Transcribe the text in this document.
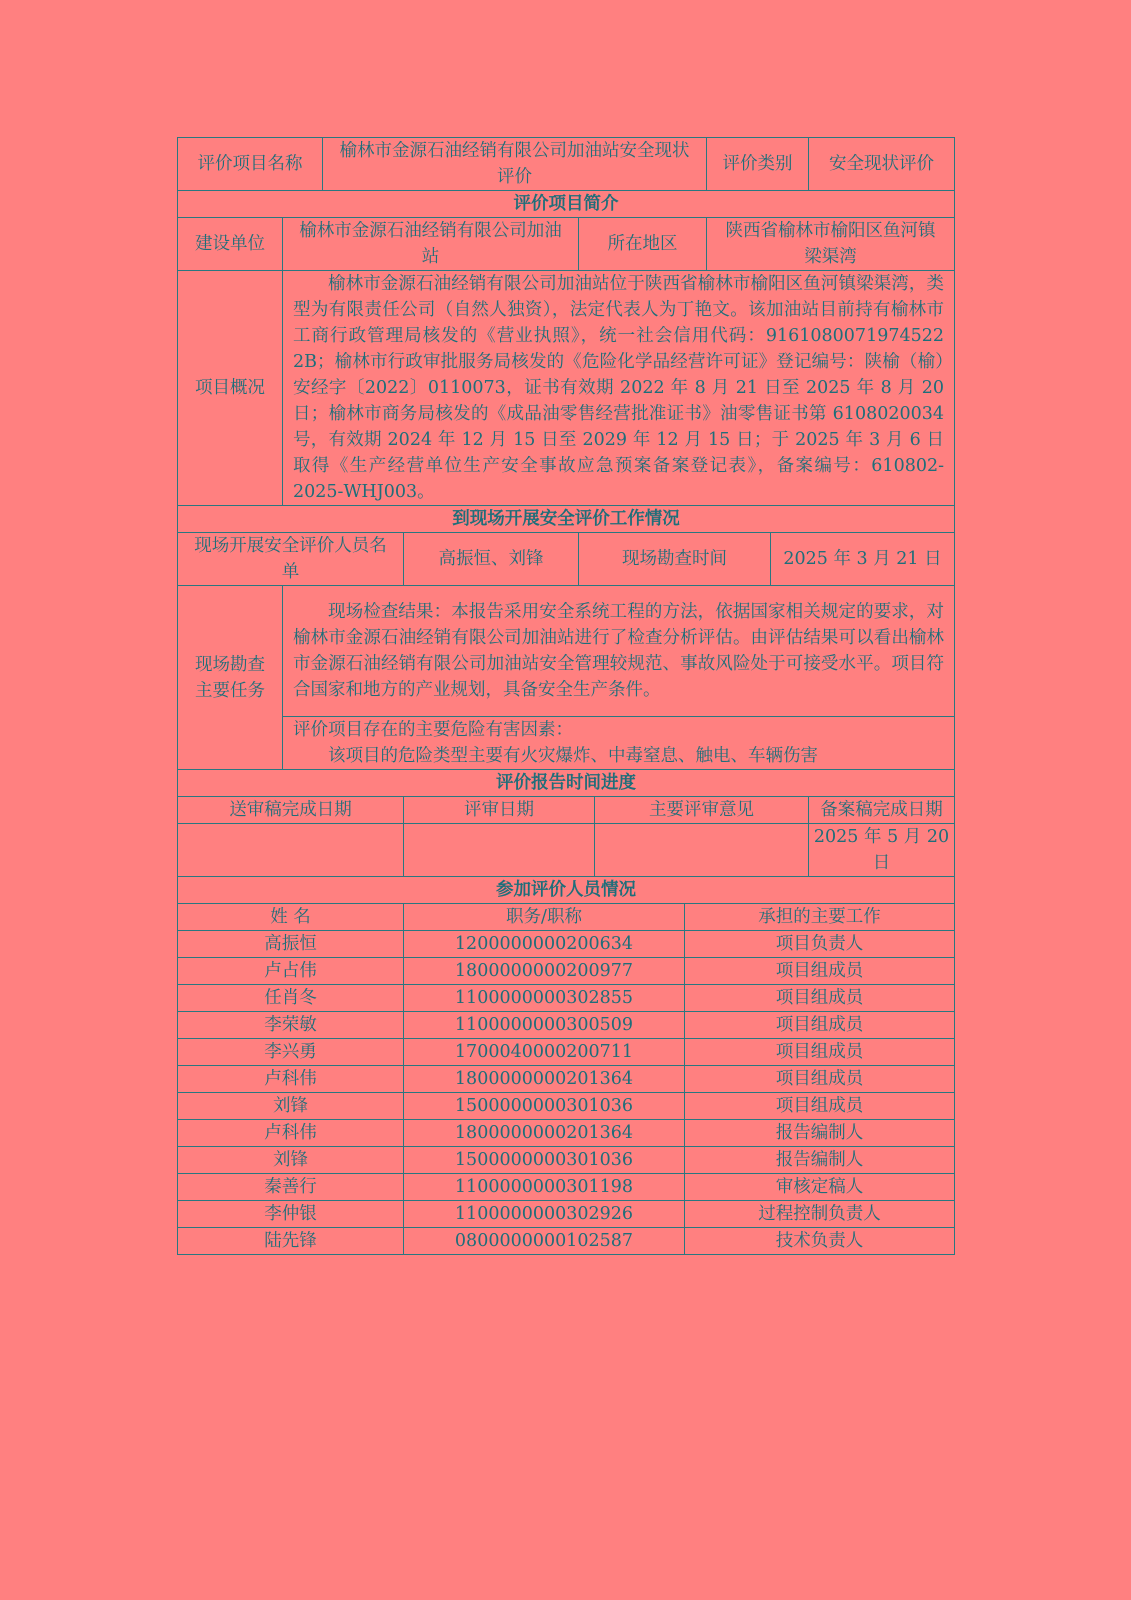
评价项目名称		榆林市金源石油经销有限公司加油站安全现状评价					评价类别		安全现状评价
评价项目简介									
建设单位	榆林市金源石油经销有限公司加油站			所在地区			陕西省榆林市榆阳区鱼河镇梁渠湾		
项目概况	榆林市金源石油经销有限公司加油站位于陕西省榆林市榆阳区鱼河镇梁渠湾，类型为有限责任公司（自然人独资），法定代表人为丁艳文。该加油站目前持有榆林市工商行政管理局核发的《营业执照》，统一社会信用代码：9161080071974522 2B；榆林市行政审批服务局核发的《危险化学品经营许可证》登记编号：陕榆（榆）安经字〔2022〕0110073，证书有效期 2022 年 8 月 21 日至 2025 年 8 月 20 日；榆林市商务局核发的《成品油零售经营批准证书》油零售证书第 6108020034 号，有效期 2024 年 12 月 15 日至 2029 年 12 月 15 日；于 2025 年 3 月 6 日取得《生产经营单位生产安全事故应急预案备案登记表》，备案编号：610802-2025-WHJ003。								
到现场开展安全评价工作情况									
现场开展安全评价人员名单			高振恒、刘锋	现场勘查时间				2025 年 3 月 21 日	
现场勘查主要任务	现场检查结果：本报告采用安全系统工程的方法，依据国家相关规定的要求，对榆林市金源石油经销有限公司加油站进行了检查分析评估。由评估结果可以看出榆林市金源石油经销有限公司加油站安全管理较规范、事故风险处于可接受水平。项目符合国家和地方的产业规划，具备安全生产条件。								

	评价项目存在的主要危险有害因素：
该项目的危险类型主要有火灾爆炸、中毒窒息、触电、车辆伤害								

评价报告时间进度									
送审稿完成日期			评审日期		主要评审意见				备案稿完成日期
									2025 年 5 月 20 日
参加评价人员情况									
姓 名			职务/职称			承担的主要工作			
高振恒			1200000000200634			项目负责人			
卢占伟			1800000000200977			项目组成员			
任肖冬			1100000000302855			项目组成员			
李荣敏			1100000000300509			项目组成员			
李兴勇			1700040000200711			项目组成员			
卢科伟			1800000000201364			项目组成员			
刘锋			1500000000301036			项目组成员			
卢科伟			1800000000201364			报告编制人			
刘锋			1500000000301036			报告编制人			
秦善行			1100000000301198			审核定稿人			
李仲银			1100000000302926			过程控制负责人			
陆先锋			0800000000102587			技术负责人			
